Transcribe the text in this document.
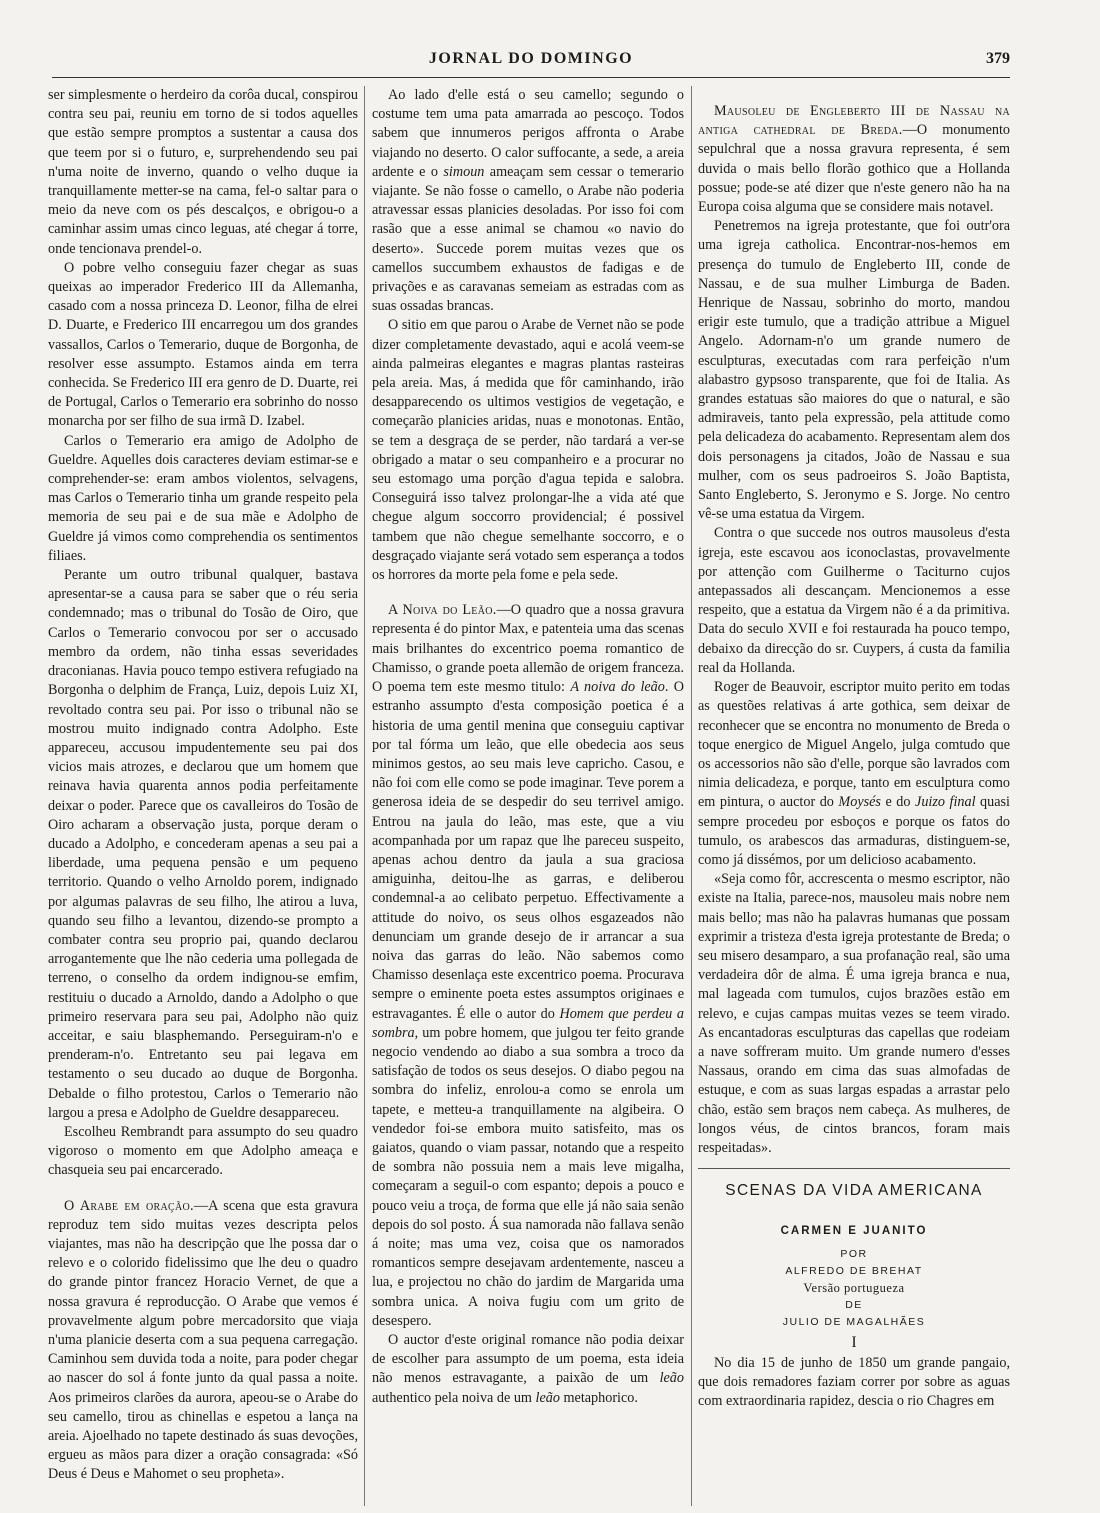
JORNAL DO DOMINGO	379

ser simplesmente o herdeiro da corôa ducal, conspirou contra seu pai, reuniu em torno de si todos aquelles que estão sempre promptos a sustentar a causa dos que teem por si o futuro, e, surprehendendo seu pai n'uma noite de inverno, quando o velho duque ia tranquillamente metter-se na cama, fel-o saltar para o meio da neve com os pés descalços, e obrigou-o a caminhar assim umas cinco leguas, até chegar á torre, onde tencionava prendel-o.

O pobre velho conseguiu fazer chegar as suas queixas ao imperador Frederico III da Allemanha, casado com a nossa princeza D. Leonor, filha de elrei D. Duarte, e Frederico III encarregou um dos grandes vassallos, Carlos o Temerario, duque de Borgonha, de resolver esse assumpto. Estamos ainda em terra conhecida. Se Frederico III era genro de D. Duarte, rei de Portugal, Carlos o Temerario era sobrinho do nosso monarcha por ser filho de sua irmã D. Izabel.

Carlos o Temerario era amigo de Adolpho de Gueldre. Aquelles dois caracteres deviam estimar-se e comprehender-se: eram ambos violentos, selvagens, mas Carlos o Temerario tinha um grande respeito pela memoria de seu pai e de sua mãe e Adolpho de Gueldre já vimos como comprehendia os sentimentos filiaes.

Perante um outro tribunal qualquer, bastava apresentar-se a causa para se saber que o réu seria condemnado; mas o tribunal do Tosão de Oiro, que Carlos o Temerario convocou por ser o accusado membro da ordem, não tinha essas severidades draconianas. Havia pouco tempo estivera refugiado na Borgonha o delphim de França, Luiz, depois Luiz XI, revoltado contra seu pai. Por isso o tribunal não se mostrou muito indignado contra Adolpho. Este appareceu, accusou impudentemente seu pai dos vicios mais atrozes, e declarou que um homem que reinava havia quarenta annos podia perfeitamente deixar o poder. Parece que os cavalleiros do Tosão de Oiro acharam a observação justa, porque deram o ducado a Adolpho, e concederam apenas a seu pai a liberdade, uma pequena pensão e um pequeno territorio. Quando o velho Arnoldo porem, indignado por algumas palavras de seu filho, lhe atirou a luva, quando seu filho a levantou, dizendo-se prompto a combater contra seu proprio pai, quando declarou arrogantemente que lhe não cederia uma pollegada de terreno, o conselho da ordem indignou-se emfim, restituiu o ducado a Arnoldo, dando a Adolpho o que primeiro reservara para seu pai, Adolpho não quiz acceitar, e saiu blasphemando. Perseguiram-n'o e prenderam-n'o. Entretanto seu pai legava em testamento o seu ducado ao duque de Borgonha. Debalde o filho protestou, Carlos o Temerario não largou a presa e Adolpho de Gueldre desappareceu.

Escolheu Rembrandt para assumpto do seu quadro vigoroso o momento em que Adolpho ameaça e chasqueia seu pai encarcerado.

O Arabe em oração.—A scena que esta gravura reproduz tem sido muitas vezes descripta pelos viajantes, mas não ha descripção que lhe possa dar o relevo e o colorido fidelissimo que lhe deu o quadro do grande pintor francez Horacio Vernet, de que a nossa gravura é reproducção. O Arabe que vemos é provavelmente algum pobre mercadorsito que viaja n'uma planicie deserta com a sua pequena carregação. Caminhou sem duvida toda a noite, para poder chegar ao nascer do sol á fonte junto da qual passa a noite. Aos primeiros clarões da aurora, apeou-se o Arabe do seu camello, tirou as chinellas e espetou a lança na areia. Ajoelhado no tapete destinado ás suas devoções, ergueu as mãos para dizer a oração consagrada: «Só Deus é Deus e Mahomet o seu propheta».

Ao lado d'elle está o seu camello; segundo o costume tem uma pata amarrada ao pescoço. Todos sabem que innumeros perigos affronta o Arabe viajando no deserto. O calor suffocante, a sede, a areia ardente e o simoun ameaçam sem cessar o temerario viajante. Se não fosse o camello, o Arabe não poderia atravessar essas planicies desoladas. Por isso foi com rasão que a esse animal se chamou «o navio do deserto». Succede porem muitas vezes que os camellos succumbem exhaustos de fadigas e de privações e as caravanas semeiam as estradas com as suas ossadas brancas.

O sitio em que parou o Arabe de Vernet não se pode dizer completamente devastado, aqui e acolá veem-se ainda palmeiras elegantes e magras plantas rasteiras pela areia. Mas, á medida que fôr caminhando, irão desapparecendo os ultimos vestigios de vegetação, e começarão planicies aridas, nuas e monotonas. Então, se tem a desgraça de se perder, não tardará a ver-se obrigado a matar o seu companheiro e a procurar no seu estomago uma porção d'agua tepida e salobra. Conseguirá isso talvez prolongar-lhe a vida até que chegue algum soccorro providencial; é possivel tambem que não chegue semelhante soccorro, e o desgraçado viajante será votado sem esperança a todos os horrores da morte pela fome e pela sede.

A Noiva do Leão.—O quadro que a nossa gravura representa é do pintor Max, e patenteia uma das scenas mais brilhantes do excentrico poema romantico de Chamisso, o grande poeta allemão de origem franceza. O poema tem este mesmo titulo: A noiva do leão. O estranho assumpto d'esta composição poetica é a historia de uma gentil menina que conseguiu captivar por tal fórma um leão, que elle obedecia aos seus minimos gestos, ao seu mais leve capricho. Casou, e não foi com elle como se pode imaginar. Teve porem a generosa ideia de se despedir do seu terrivel amigo. Entrou na jaula do leão, mas este, que a viu acompanhada por um rapaz que lhe pareceu suspeito, apenas achou dentro da jaula a sua graciosa amiguinha, deitou-lhe as garras, e deliberou condemnal-a ao celibato perpetuo. Effectivamente a attitude do noivo, os seus olhos esgazeados não denunciam um grande desejo de ir arrancar a sua noiva das garras do leão. Não sabemos como Chamisso desenlaça este excentrico poema. Procurava sempre o eminente poeta estes assumptos originaes e estravagantes. É elle o autor do Homem que perdeu a sombra, um pobre homem, que julgou ter feito grande negocio vendendo ao diabo a sua sombra a troco da satisfação de todos os seus desejos. O diabo pegou na sombra do infeliz, enrolou-a como se enrola um tapete, e metteu-a tranquillamente na algibeira. O vendedor foi-se embora muito satisfeito, mas os gaiatos, quando o viam passar, notando que a respeito de sombra não possuia nem a mais leve migalha, começaram a seguil-o com espanto; depois a pouco e pouco veiu a troça, de forma que elle já não saia senão depois do sol posto. Á sua namorada não fallava senão á noite; mas uma vez, coisa que os namorados romanticos sempre desejavam ardentemente, nasceu a lua, e projectou no chão do jardim de Margarida uma sombra unica. A noiva fugiu com um grito de desespero.

O auctor d'este original romance não podia deixar de escolher para assumpto de um poema, esta ideia não menos estravagante, a paixão de um leão authentico pela noiva de um leão metaphorico.

Mausoleu de Engleberto III de Nassau na antiga cathedral de Breda.—O monumento sepulchral que a nossa gravura representa, é sem duvida o mais bello florão gothico que a Hollanda possue; pode-se até dizer que n'este genero não ha na Europa coisa alguma que se considere mais notavel.

Penetremos na igreja protestante, que foi outr'ora uma igreja catholica. Encontrar-nos-hemos em presença do tumulo de Engleberto III, conde de Nassau, e de sua mulher Limburga de Baden. Henrique de Nassau, sobrinho do morto, mandou erigir este tumulo, que a tradição attribue a Miguel Angelo. Adornam-n'o um grande numero de esculpturas, executadas com rara perfeição n'um alabastro gypsoso transparente, que foi de Italia. As grandes estatuas são maiores do que o natural, e são admiraveis, tanto pela expressão, pela attitude como pela delicadeza do acabamento. Representam alem dos dois personagens ja citados, João de Nassau e sua mulher, com os seus padroeiros S. João Baptista, Santo Engleberto, S. Jeronymo e S. Jorge. No centro vê-se uma estatua da Virgem.

Contra o que succede nos outros mausoleus d'esta igreja, este escavou aos iconoclastas, provavelmente por attenção com Guilherme o Taciturno cujos antepassados ali descançam. Mencionemos a esse respeito, que a estatua da Virgem não é a da primitiva. Data do seculo XVII e foi restaurada ha pouco tempo, debaixo da direcção do sr. Cuypers, á custa da familia real da Hollanda.

Roger de Beauvoir, escriptor muito perito em todas as questões relativas á arte gothica, sem deixar de reconhecer que se encontra no monumento de Breda o toque energico de Miguel Angelo, julga comtudo que os accessorios não são d'elle, porque são lavrados com nimia delicadeza, e porque, tanto em esculptura como em pintura, o auctor do Moysés e do Juizo final quasi sempre procedeu por esboços e porque os fatos do tumulo, os arabescos das armaduras, distinguem-se, como já dissémos, por um delicioso acabamento.

«Seja como fôr, accrescenta o mesmo escriptor, não existe na Italia, parece-nos, mausoleu mais nobre nem mais bello; mas não ha palavras humanas que possam exprimir a tristeza d'esta igreja protestante de Breda; o seu misero desamparo, a sua profanação real, são uma verdadeira dôr de alma. É uma igreja branca e nua, mal lageada com tumulos, cujos brazões estão em relevo, e cujas campas muitas vezes se teem virado. As encantadoras esculpturas das capellas que rodeiam a nave soffreram muito. Um grande numero d'esses Nassaus, orando em cima das suas almofadas de estuque, e com as suas largas espadas a arrastar pelo chão, estão sem braços nem cabeça. As mulheres, de longos véus, de cintos brancos, foram mais respeitadas».

SCENAS DA VIDA AMERICANA

CARMEN E JUANITO

POR

ALFREDO DE BREHAT

Versão portugueza

DE

JULIO DE MAGALHÃES

I

No dia 15 de junho de 1850 um grande pangaio, que dois remadores faziam correr por sobre as aguas com extraordinaria rapidez, descia o rio Chagres em
